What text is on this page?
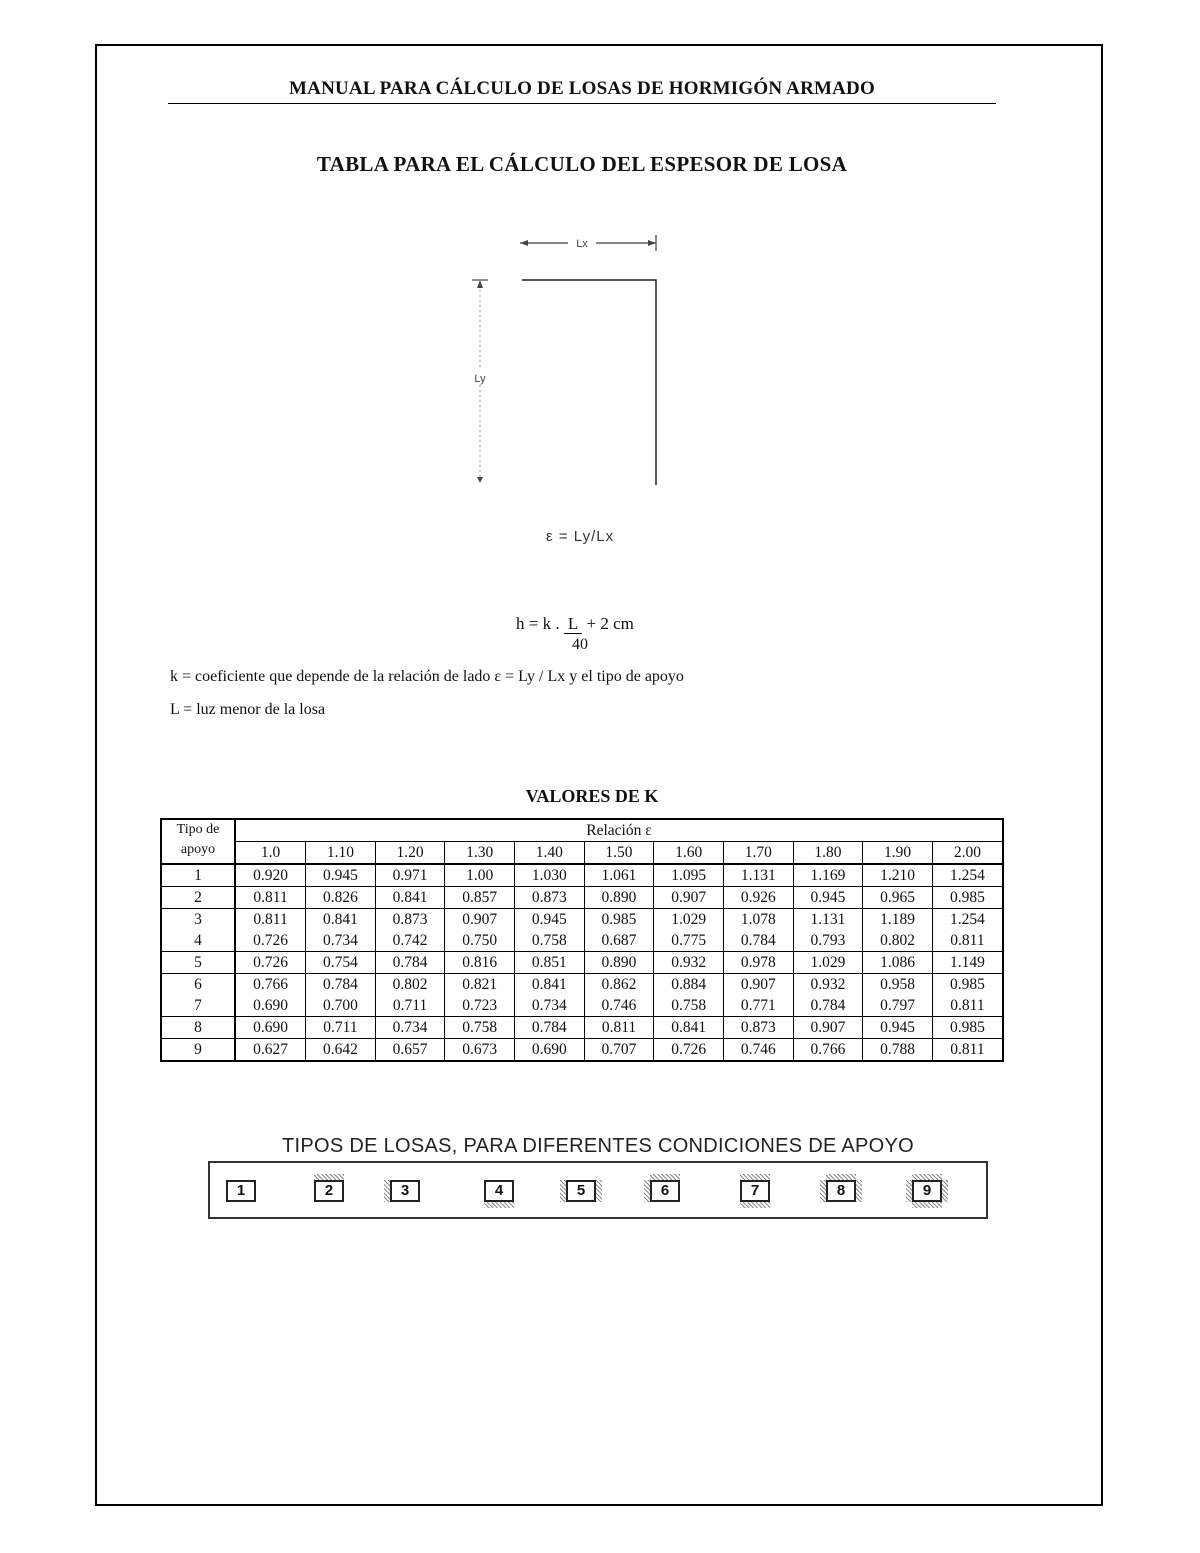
MANUAL PARA CÁLCULO DE LOSAS DE HORMIGÓN ARMADO
TABLA PARA EL CÁLCULO DEL ESPESOR DE LOSA
Lx
Ly
ε = Ly/Lx
h = k . L + 2 cm
40
k = coeficiente que depende de la relación de lado ε = Ly / Lx y el tipo de apoyo
L = luz menor de la losa
VALORES DE K
Tipo de apoyo	Relación ε										
	1.0	1.10	1.20	1.30	1.40	1.50	1.60	1.70	1.80	1.90	2.00
1	0.920	0.945	0.971	1.00	1.030	1.061	1.095	1.131	1.169	1.210	1.254
2	0.811	0.826	0.841	0.857	0.873	0.890	0.907	0.926	0.945	0.965	0.985
3	0.811	0.841	0.873	0.907	0.945	0.985	1.029	1.078	1.131	1.189	1.254
4	0.726	0.734	0.742	0.750	0.758	0.687	0.775	0.784	0.793	0.802	0.811
5	0.726	0.754	0.784	0.816	0.851	0.890	0.932	0.978	1.029	1.086	1.149
6	0.766	0.784	0.802	0.821	0.841	0.862	0.884	0.907	0.932	0.958	0.985
7	0.690	0.700	0.711	0.723	0.734	0.746	0.758	0.771	0.784	0.797	0.811
8	0.690	0.711	0.734	0.758	0.784	0.811	0.841	0.873	0.907	0.945	0.985
9	0.627	0.642	0.657	0.673	0.690	0.707	0.726	0.746	0.766	0.788	0.811
TIPOS DE LOSAS, PARA DIFERENTES CONDICIONES DE APOYO
1	2	3	4	5	6	7	8	9
